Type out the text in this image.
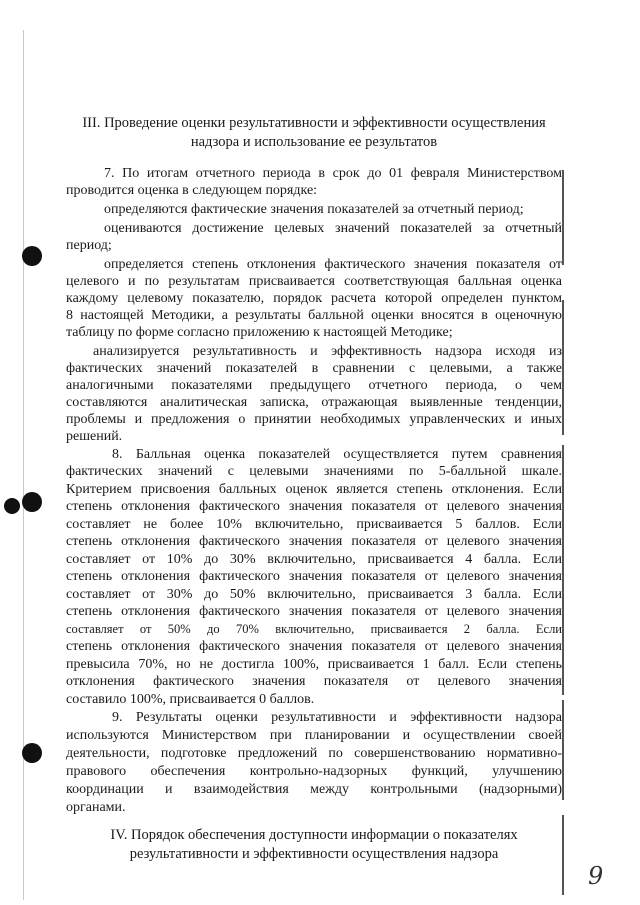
III. Проведение оценки результативности и эффективности осуществления
надзора и использование ее результатов
7. По итогам отчетного периода в срок до 01 февраля Министерством
проводится оценка в следующем порядке:
определяются фактические значения показателей за отчетный период;
оцениваются достижение целевых значений показателей за отчетный
период;
определяется степень отклонения фактического значения показателя от
целевого и по результатам присваивается соответствующая балльная оценка
каждому целевому показателю, порядок расчета которой определен пунктом
8 настоящей Методики, а результаты балльной оценки вносятся в оценочную
таблицу по форме согласно приложению к настоящей Методике;
анализируется результативность и эффективность надзора исходя из
фактических значений показателей в сравнении с целевыми, а также
аналогичными показателями предыдущего отчетного периода, о чем
составляются аналитическая записка, отражающая выявленные тенденции,
проблемы и предложения о принятии необходимых управленческих и иных
решений.
8. Балльная оценка показателей осуществляется путем сравнения
фактических значений с целевыми значениями по 5-балльной шкале.
Критерием присвоения балльных оценок является степень отклонения. Если
степень отклонения фактического значения показателя от целевого значения
составляет не более 10% включительно, присваивается 5 баллов. Если
степень отклонения фактического значения показателя от целевого значения
составляет от 10% до 30% включительно, присваивается 4 балла. Если
степень отклонения фактического значения показателя от целевого значения
составляет от 30% до 50% включительно, присваивается 3 балла. Если
степень отклонения фактического значения показателя от целевого значения
составляет от 50% до 70% включительно, присваивается 2 балла. Если
степень отклонения фактического значения показателя от целевого значения
превысила 70%, но не достигла 100%, присваивается 1 балл. Если степень
отклонения фактического значения показателя от целевого значения
составило 100%, присваивается 0 баллов.
9. Результаты оценки результативности и эффективности надзора
используются Министерством при планировании и осуществлении своей
деятельности, подготовке предложений по совершенствованию нормативно-
правового обеспечения контрольно-надзорных функций, улучшению
координации и взаимодействия между контрольными (надзорными)
органами.
IV. Порядок обеспечения доступности информации о показателях
результативности и эффективности осуществления надзора
9
